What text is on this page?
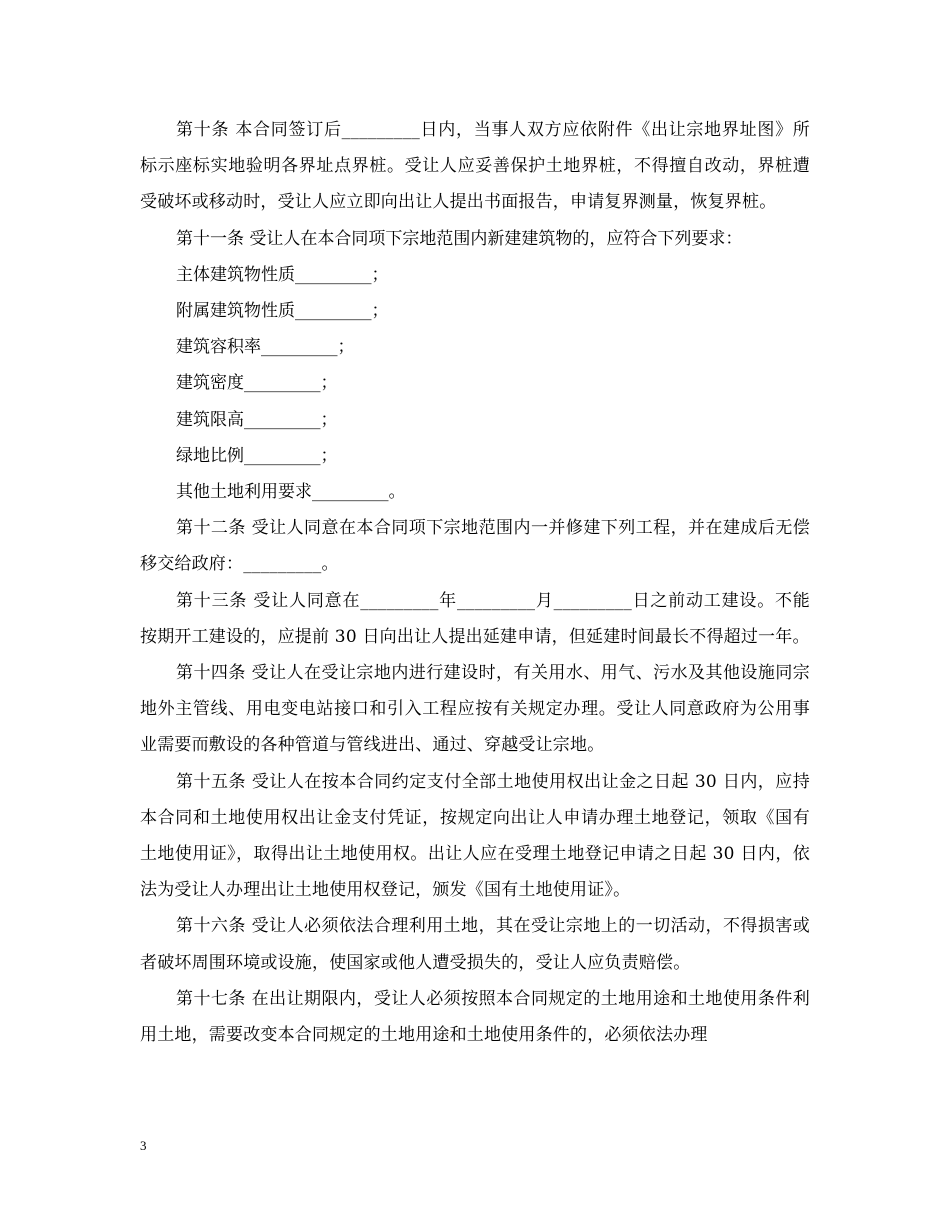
第十条 本合同签订后_________日内，当事人双方应依附件《出让宗地界址图》所标示座标实地验明各界址点界桩。受让人应妥善保护土地界桩，不得擅自改动，界桩遭受破坏或移动时，受让人应立即向出让人提出书面报告，申请复界测量，恢复界桩。

第十一条 受让人在本合同项下宗地范围内新建建筑物的，应符合下列要求：

主体建筑物性质_________；

附属建筑物性质_________；

建筑容积率_________；

建筑密度_________；

建筑限高_________；

绿地比例_________；

其他土地利用要求_________。

第十二条 受让人同意在本合同项下宗地范围内一并修建下列工程，并在建成后无偿移交给政府：_________。

第十三条 受让人同意在_________年_________月_________日之前动工建设。不能按期开工建设的，应提前 30 日向出让人提出延建申请，但延建时间最长不得超过一年。

第十四条 受让人在受让宗地内进行建设时，有关用水、用气、污水及其他设施同宗地外主管线、用电变电站接口和引入工程应按有关规定办理。受让人同意政府为公用事业需要而敷设的各种管道与管线进出、通过、穿越受让宗地。

第十五条 受让人在按本合同约定支付全部土地使用权出让金之日起 30 日内，应持本合同和土地使用权出让金支付凭证，按规定向出让人申请办理土地登记，领取《国有土地使用证》，取得出让土地使用权。出让人应在受理土地登记申请之日起 30 日内，依法为受让人办理出让土地使用权登记，颁发《国有土地使用证》。

第十六条 受让人必须依法合理利用土地，其在受让宗地上的一切活动，不得损害或者破坏周围环境或设施，使国家或他人遭受损失的，受让人应负责赔偿。

第十七条 在出让期限内，受让人必须按照本合同规定的土地用途和土地使用条件利用土地，需要改变本合同规定的土地用途和土地使用条件的，必须依法办理

3
